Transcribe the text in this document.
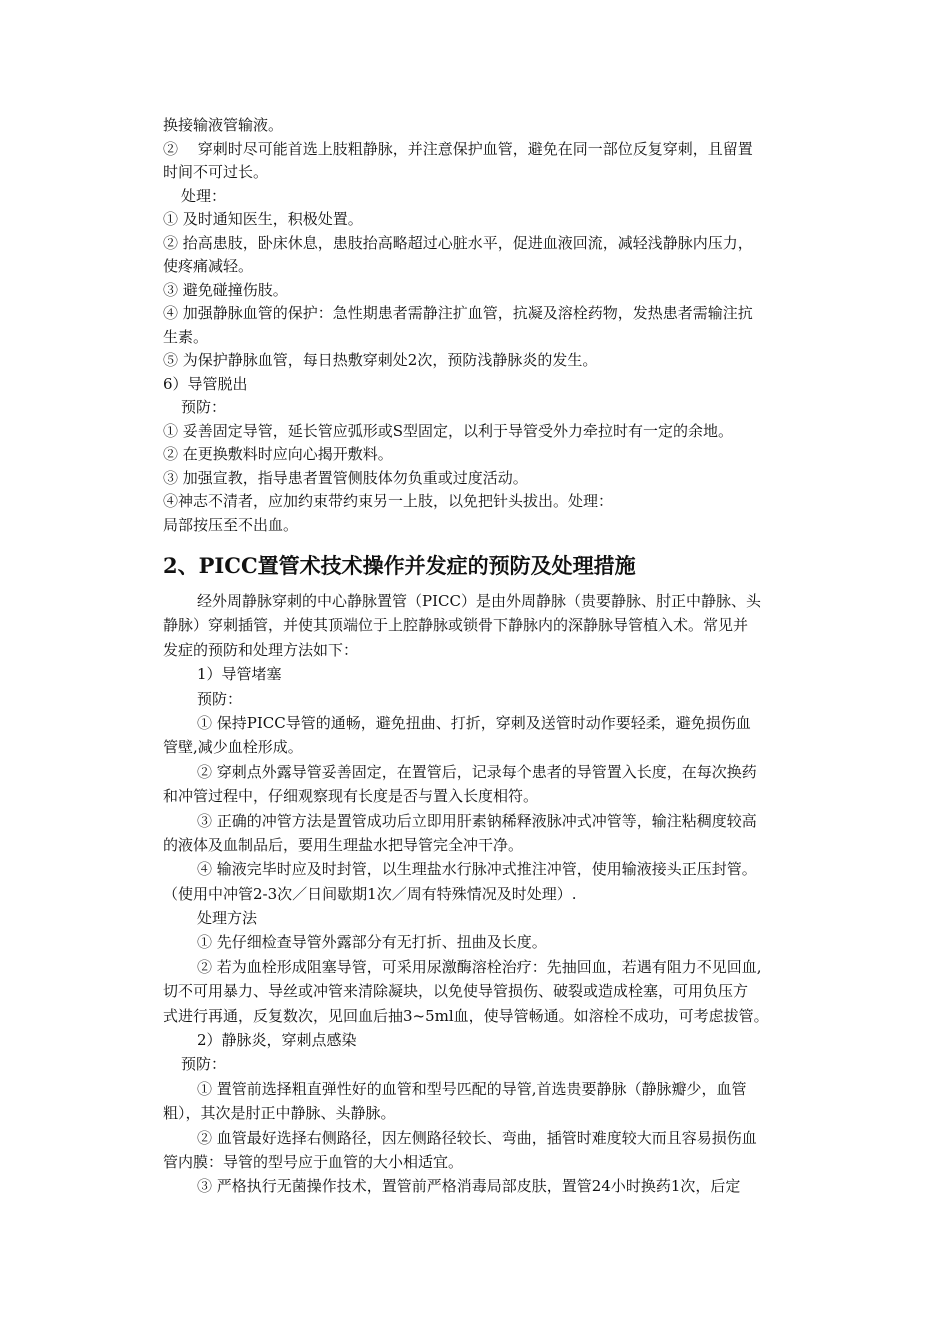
换接输液管输液。
②　 穿刺时尽可能首选上肢粗静脉，并注意保护血管，避免在同一部位反复穿刺，且留置
时间不可过长。
处理：
① 及时通知医生，积极处置。
② 抬高患肢，卧床休息，患肢抬高略超过心脏水平，促进血液回流，减轻浅静脉内压力，
使疼痛减轻。
③ 避免碰撞伤肢。
④ 加强静脉血管的保护：急性期患者需静注扩血管，抗凝及溶栓药物，发热患者需输注抗
生素。
⑤ 为保护静脉血管，每日热敷穿刺处2次，预防浅静脉炎的发生。
6）导管脱出
预防：
① 妥善固定导管，延长管应弧形或S型固定，以利于导管受外力牵拉时有一定的余地。
② 在更换敷料时应向心揭开敷料。
③ 加强宣教，指导患者置管侧肢体勿负重或过度活动。
④神志不清者，应加约束带约束另一上肢，以免把针头拔出。处理：
局部按压至不出血。
2、PICC置管术技术操作并发症的预防及处理措施
经外周静脉穿刺的中心静脉置管（PICC）是由外周静脉（贵要静脉、肘正中静脉、头
静脉）穿刺插管，并使其顶端位于上腔静脉或锁骨下静脉内的深静脉导管植入术。常见并
发症的预防和处理方法如下：
1）导管堵塞
预防：
① 保持PICC导管的通畅，避免扭曲、打折，穿刺及送管时动作要轻柔，避免损伤血
管壁,减少血栓形成。
② 穿刺点外露导管妥善固定，在置管后，记录每个患者的导管置入长度，在每次换药
和冲管过程中，仔细观察现有长度是否与置入长度相符。
③ 正确的冲管方法是置管成功后立即用肝素钠稀释液脉冲式冲管等，输注粘稠度较高
的液体及血制品后，要用生理盐水把导管完全冲干净。
④ 输液完毕时应及时封管，以生理盐水行脉冲式推注冲管，使用输液接头正压封管。
（使用中冲管2-3次／日间歇期1次／周有特殊情况及时处理）.
处理方法
① 先仔细检查导管外露部分有无打折、扭曲及长度。
② 若为血栓形成阻塞导管，可采用尿激酶溶栓治疗：先抽回血，若遇有阻力不见回血,
切不可用暴力、导丝或冲管来清除凝块，以免使导管损伤、破裂或造成栓塞，可用负压方
式进行再通，反复数次，见回血后抽3~5ml血，使导管畅通。如溶栓不成功，可考虑拔管。
2）静脉炎，穿刺点感染
预防：
① 置管前选择粗直弹性好的血管和型号匹配的导管,首选贵要静脉（静脉瓣少，血管
粗），其次是肘正中静脉、头静脉。
② 血管最好选择右侧路径，因左侧路径较长、弯曲，插管时难度较大而且容易损伤血
管内膜：导管的型号应于血管的大小相适宜。
③ 严格执行无菌操作技术，置管前严格消毒局部皮肤，置管24小时换药1次，后定
